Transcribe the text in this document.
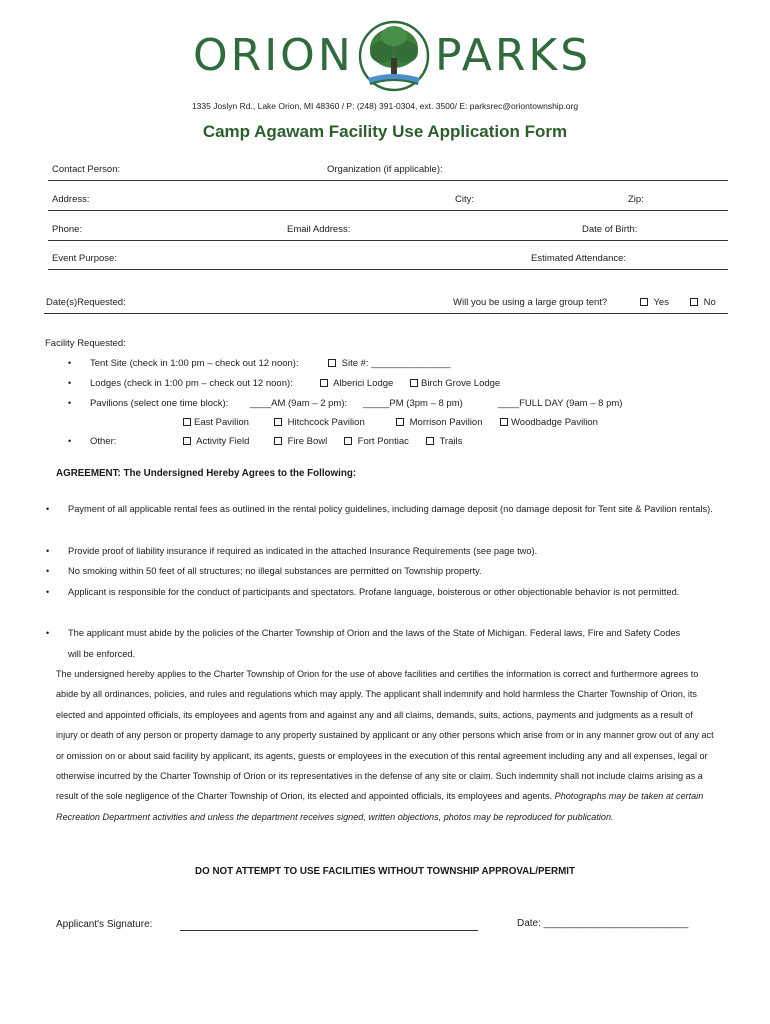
ORION PARKS
1335 Joslyn Rd., Lake Orion, MI 48360 / P: (248) 391-0304, ext. 3500/ E: parksrec@oriontownship.org
Camp Agawam Facility Use Application Form
Contact Person:	Organization (if applicable):
Address:	City:	Zip:
Phone:	Email Address:	Date of Birth:
Event Purpose:	Estimated Attendance:
Date(s)Requested:	Will you be using a large group tent?	Yes	No
Facility Requested:
• Tent Site (check in 1:00 pm – check out 12 noon):	Site #: _______________
• Lodges (check in 1:00 pm – check out 12 noon):	Alberici Lodge	Birch Grove Lodge
• Pavilions (select one time block): ____AM (9am – 2 pm): _____PM (3pm – 8 pm)	____FULL DAY (9am – 8 pm)
East Pavilion	Hitchcock Pavilion	Morrison Pavilion	Woodbadge Pavilion
• Other:	Activity Field	Fire Bowl	Fort Pontiac	Trails
AGREEMENT: The Undersigned Hereby Agrees to the Following:
• Payment of all applicable rental fees as outlined in the rental policy guidelines, including damage deposit (no damage deposit for Tent site & Pavilion rentals).
• Provide proof of liability insurance if required as indicated in the attached Insurance Requirements (see page two).
• No smoking within 50 feet of all structures; no illegal substances are permitted on Township property.
• Applicant is responsible for the conduct of participants and spectators. Profane language, boisterous or other objectionable behavior is not permitted.
• The applicant must abide by the policies of the Charter Township of Orion and the laws of the State of Michigan. Federal laws, Fire and Safety Codes will be enforced.
The undersigned hereby applies to the Charter Township of Orion for the use of above facilities and certifies the information is correct and furthermore agrees to abide by all ordinances, policies, and rules and regulations which may apply. The applicant shall indemnify and hold harmless the Charter Township of Orion, its elected and appointed officials, its employees and agents from and against any and all claims, demands, suits, actions, payments and judgments as a result of injury or death of any person or property damage to any property sustained by applicant or any other persons which arise from or in any manner grow out of any act or omission on or about said facility by applicant, its agents, guests or employees in the execution of this rental agreement including any and all expenses, legal or otherwise incurred by the Charter Township of Orion or its representatives in the defense of any site or claim. Such indemnity shall not include claims arising as a result of the sole negligence of the Charter Township of Orion, its elected and appointed officials, its employees and agents. Photographs may be taken at certain Recreation Department activities and unless the department receives signed, written objections, photos may be reproduced for publication.
DO NOT ATTEMPT TO USE FACILITIES WITHOUT TOWNSHIP APPROVAL/PERMIT
Applicant's Signature:	Date: __________________________
